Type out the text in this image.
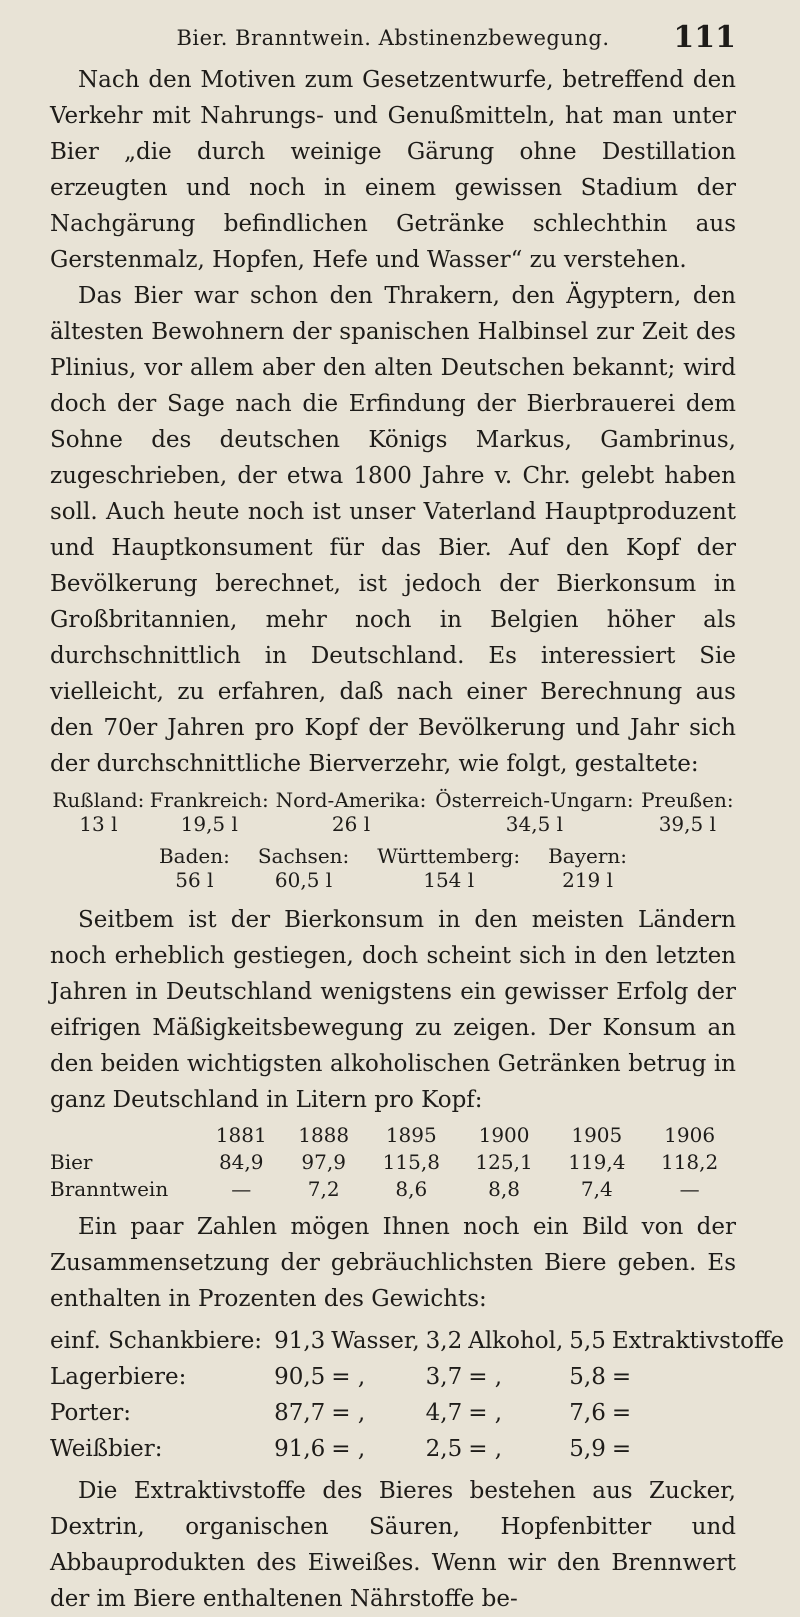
Bier. Branntwein. Abstinenzbewegung.	111

Nach den Motiven zum Gesetzentwurfe, betreffend den Verkehr mit Nahrungs- und Genußmitteln, hat man unter Bier „die durch weinige Gärung ohne Destillation erzeugten und noch in einem gewissen Stadium der Nachgärung befindlichen Getränke schlechthin aus Gerstenmalz, Hopfen, Hefe und Wasser“ zu verstehen.

Das Bier war schon den Thrakern, den Ägyptern, den ältesten Bewohnern der spanischen Halbinsel zur Zeit des Plinius, vor allem aber den alten Deutschen bekannt; wird doch der Sage nach die Erfindung der Bierbrauerei dem Sohne des deutschen Königs Markus, Gambrinus, zugeschrieben, der etwa 1800 Jahre v. Chr. gelebt haben soll. Auch heute noch ist unser Vaterland Hauptproduzent und Hauptkonsument für das Bier. Auf den Kopf der Bevölkerung berechnet, ist jedoch der Bierkonsum in Großbritannien, mehr noch in Belgien höher als durchschnittlich in Deutschland. Es interessiert Sie vielleicht, zu erfahren, daß nach einer Berechnung aus den 70er Jahren pro Kopf der Bevölkerung und Jahr sich der durchschnittliche Bierverzehr, wie folgt, gestaltete:

Rußland:	Frankreich:	Nord-Amerika:	Österreich-Ungarn:	Preußen:
13 l	19,5 l	26 l	34,5 l	39,5 l
Baden:	Sachsen:	Württemberg:	Bayern:
56 l	60,5 l	154 l	219 l

Seitbem ist der Bierkonsum in den meisten Ländern noch erheblich gestiegen, doch scheint sich in den letzten Jahren in Deutschland wenigstens ein gewisser Erfolg der eifrigen Mäßigkeitsbewegung zu zeigen. Der Konsum an den beiden wichtigsten alkoholischen Getränken betrug in ganz Deutschland in Litern pro Kopf:

	1881	1888	1895	1900	1905	1906
Bier	84,9	97,9	115,8	125,1	119,4	118,2
Branntwein	—	7,2	8,6	8,8	7,4	—

Ein paar Zahlen mögen Ihnen noch ein Bild von der Zusammensetzung der gebräuchlichsten Biere geben. Es enthalten in Prozenten des Gewichts:

einf. Schankbiere:	91,3	Wasser,	3,2	Alkohol,	5,5	Extraktivstoffe
Lagerbiere:	90,5	= ,	3,7	= ,	5,8	=
Porter:	87,7	= ,	4,7	= ,	7,6	=
Weißbier:	91,6	= ,	2,5	= ,	5,9	=

Die Extraktivstoffe des Bieres bestehen aus Zucker, Dextrin, organischen Säuren, Hopfenbitter und Abbauprodukten des Eiweißes. Wenn wir den Brennwert der im Biere enthaltenen Nährstoffe be-
